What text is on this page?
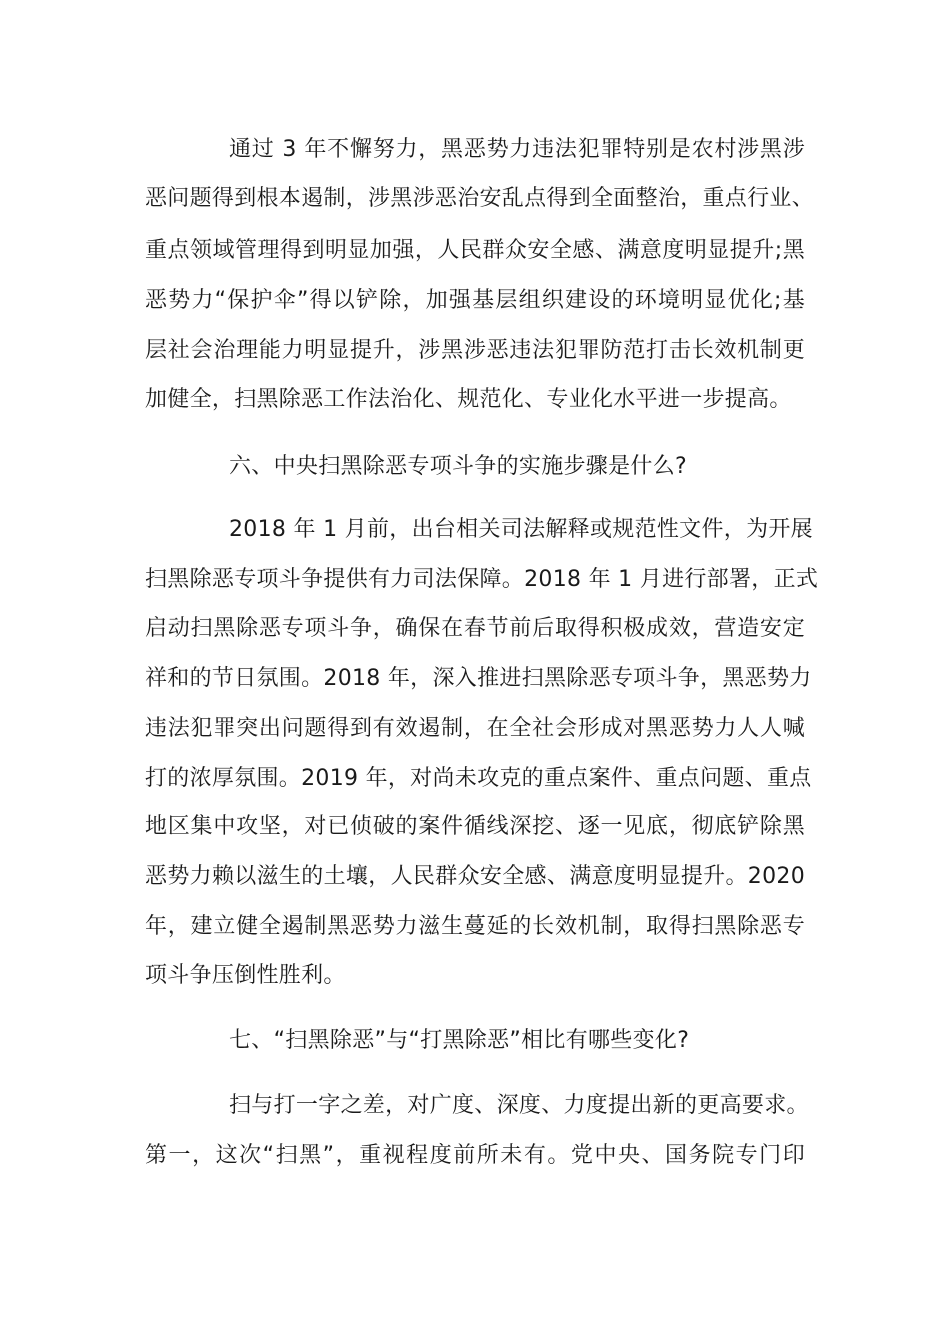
通过 3 年不懈努力，黑恶势力违法犯罪特别是农村涉黑涉
恶问题得到根本遏制，涉黑涉恶治安乱点得到全面整治，重点行业、
重点领域管理得到明显加强，人民群众安全感、满意度明显提升;黑
恶势力“保护伞”得以铲除，加强基层组织建设的环境明显优化;基
层社会治理能力明显提升，涉黑涉恶违法犯罪防范打击长效机制更
加健全，扫黑除恶工作法治化、规范化、专业化水平进一步提高。
六、中央扫黑除恶专项斗争的实施步骤是什么?
2018 年 1 月前，出台相关司法解释或规范性文件，为开展
扫黑除恶专项斗争提供有力司法保障。2018 年 1 月进行部署，正式
启动扫黑除恶专项斗争，确保在春节前后取得积极成效，营造安定
祥和的节日氛围。2018 年，深入推进扫黑除恶专项斗争，黑恶势力
违法犯罪突出问题得到有效遏制，在全社会形成对黑恶势力人人喊
打的浓厚氛围。2019 年，对尚未攻克的重点案件、重点问题、重点
地区集中攻坚，对已侦破的案件循线深挖、逐一见底，彻底铲除黑
恶势力赖以滋生的土壤，人民群众安全感、满意度明显提升。2020
年，建立健全遏制黑恶势力滋生蔓延的长效机制，取得扫黑除恶专
项斗争压倒性胜利。
七、“扫黑除恶”与“打黑除恶”相比有哪些变化?
扫与打一字之差，对广度、深度、力度提出新的更高要求。
第一，这次“扫黑”，重视程度前所未有。党中央、国务院专门印
